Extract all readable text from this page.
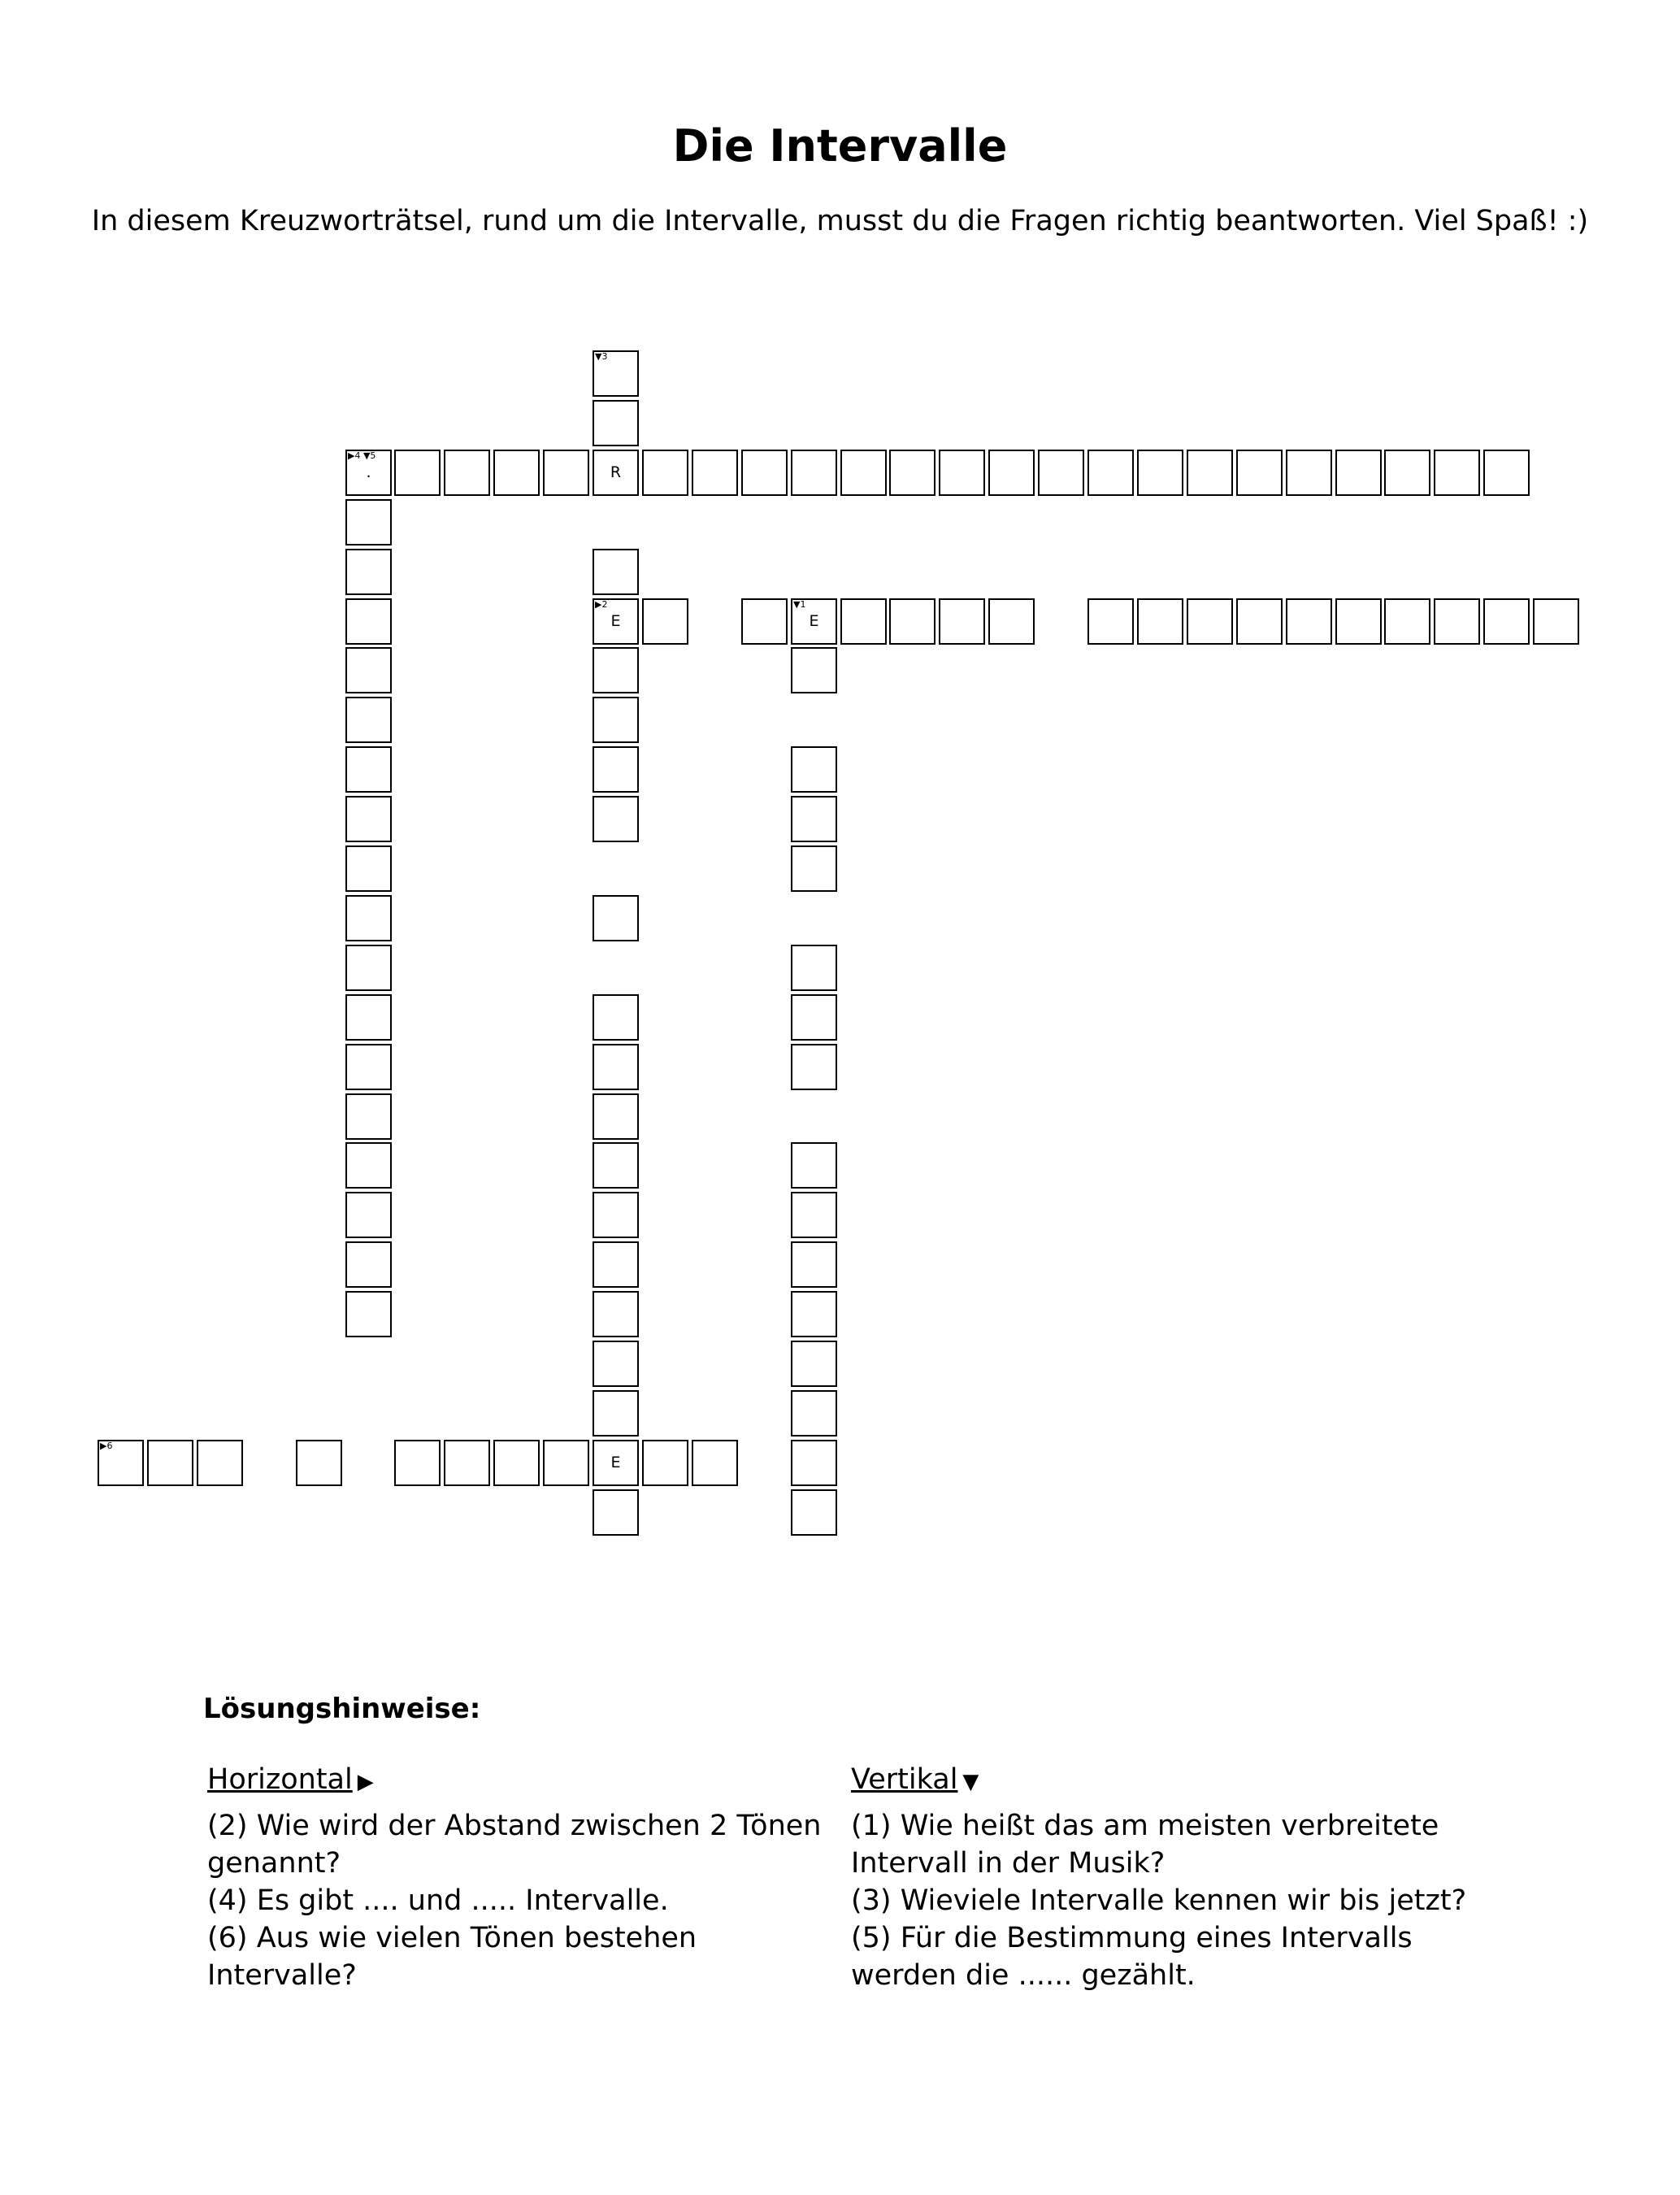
Die Intervalle

In diesem Kreuzworträtsel, rund um die Intervalle, musst du die Fragen richtig beantworten. Viel Spaß! :)

▼3
▶4 ▼5
.	R
▶2
E
▼1
E
▶6
E
Lösungshinweise:
Horizontal ▶

(2) Wie wird der Abstand zwischen 2 Tönen genannt?

(4) Es gibt .... und ..... Intervalle.

(6) Aus wie vielen Tönen bestehen Intervalle?

Vertikal ▼

(1) Wie heißt das am meisten verbreitete Intervall in der Musik?

(3) Wieviele Intervalle kennen wir bis jetzt?

(5) Für die Bestimmung eines Intervalls werden die ...... gezählt.
